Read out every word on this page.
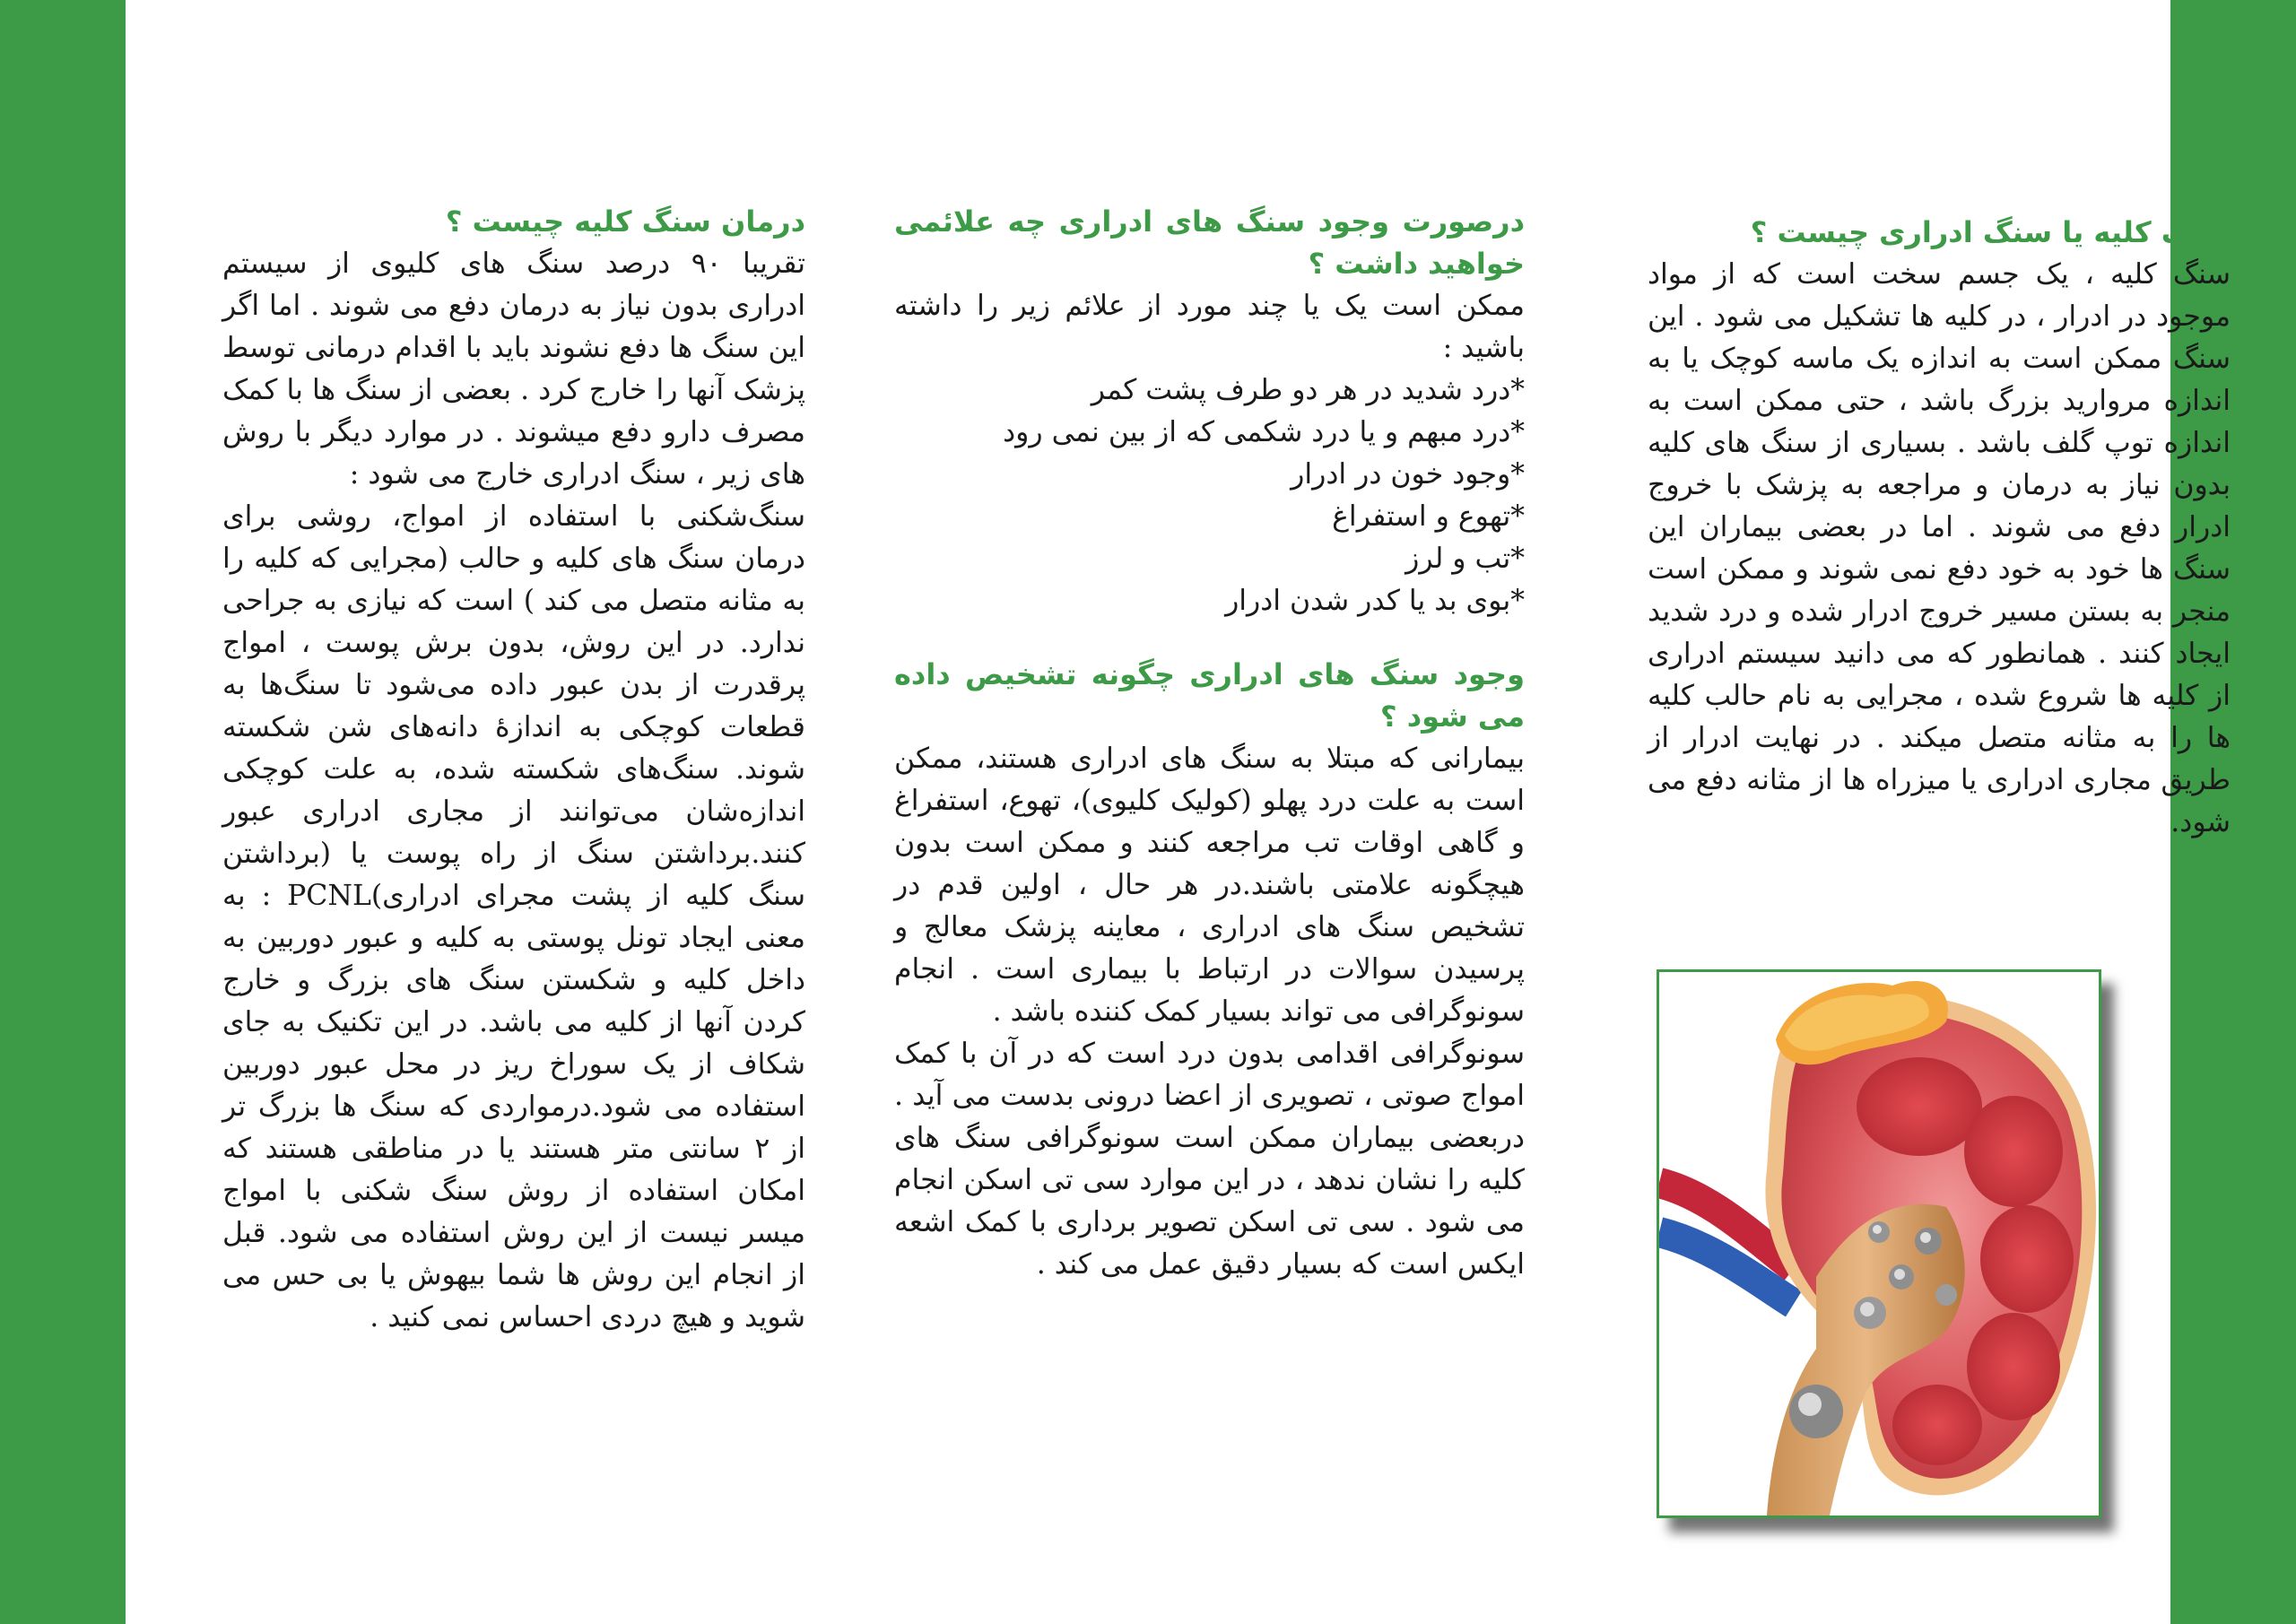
سنگ کلیه یا سنگ ادراری چیست ؟

سنگ کلیه ، یک جسم سخت است که از مواد موجود در ادرار ، در کلیه ها تشکیل می شود . این سنگ ممکن است به اندازه یک ماسه کوچک یا به اندازه مروارید بزرگ باشد ، حتی ممکن است به اندازه توپ گلف باشد . بسیاری از سنگ های کلیه بدون نیاز به درمان و مراجعه به پزشک با خروج ادرار دفع می شوند . اما در بعضی بیماران این سنگ ها خود به خود دفع نمی شوند و ممکن است منجر به بستن مسیر خروج ادرار شده و درد شدید ایجاد کنند . همانطور که می دانید سیستم ادراری از کلیه ها شروع شده ، مجرایی به نام حالب کلیه ها را به مثانه متصل میکند . در نهایت ادرار از طریق مجاری ادراری یا میزراه ها از مثانه دفع می شود.

درصورت وجود سنگ های ادراری چه علائمی خواهید داشت ؟

ممکن است یک یا چند مورد از علائم زیر را داشته باشید :

*درد شدید در هر دو طرف پشت کمر

*درد مبهم و یا درد شکمی که از بین نمی رود

*وجود خون در ادرار

*تهوع و استفراغ

*تب و لرز

*بوی بد یا کدر شدن ادرار

وجود سنگ های ادراری چگونه تشخیص داده می شود ؟

بیمارانی که مبتلا به سنگ های ادراری هستند، ممکن است به علت درد پهلو (کولیک کلیوی)، تهوع، استفراغ و گاهی اوقات تب مراجعه کنند و ممکن است بدون هیچگونه علامتی باشند.در هر حال ، اولین قدم در تشخیص سنگ های ادراری ، معاینه پزشک معالج و پرسیدن سوالات در ارتباط با بیماری است . انجام سونوگرافی می تواند بسیار کمک کننده باشد .

سونوگرافی اقدامی بدون درد است که در آن با کمک امواج صوتی ، تصویری از اعضا درونی بدست می آید . دربعضی بیماران ممکن است سونوگرافی سنگ های کلیه را نشان ندهد ، در این موارد سی تی اسکن انجام می شود . سی تی اسکن تصویر برداری با کمک اشعه ایکس است که بسیار دقیق عمل می کند .

درمان سنگ کلیه چیست ؟

تقریبا ۹۰ درصد سنگ های کلیوی از سیستم ادراری بدون نیاز به درمان دفع می شوند . اما اگر این سنگ ها دفع نشوند باید با اقدام درمانی توسط پزشک آنها را خارج کرد . بعضی از سنگ ها با کمک مصرف دارو دفع میشوند . در موارد دیگر با روش های زیر ، سنگ ادراری خارج می شود :

سنگ‌شکنی با استفاده از امواج، روشی برای درمان سنگ های کلیه و حالب (مجرایی که کلیه را به مثانه متصل می کند ) است که نیازی به جراحی ندارد. در این روش، بدون برش پوست ، امواج پرقدرت از بدن عبور داده می‌شود تا سنگ‌ها به قطعات کوچکی به اندازهٔ دانه‌های شن شکسته شوند. سنگ‌های شکسته شده، به علت کوچکی اندازه‌شان می‌توانند از مجاری ادراری عبور کنند.برداشتن سنگ از راه پوست یا (برداشتن سنگ کلیه از پشت مجرای ادراری)PCNL : به معنی ایجاد تونل پوستی به کلیه و عبور دوربین به داخل کلیه و شکستن سنگ های بزرگ و خارج کردن آنها از کلیه می باشد. در این تکنیک به جای شکاف از یک سوراخ ریز در محل عبور دوربین استفاده می شود.درمواردی که سنگ ها بزرگ تر از ۲ سانتی متر هستند یا در مناطقی هستند که امکان استفاده از روش سنگ شکنی با امواج میسر نیست از این روش استفاده می شود. قبل از انجام این روش ها شما بیهوش یا بی حس می شوید و هیچ دردی احساس نمی کنید .
